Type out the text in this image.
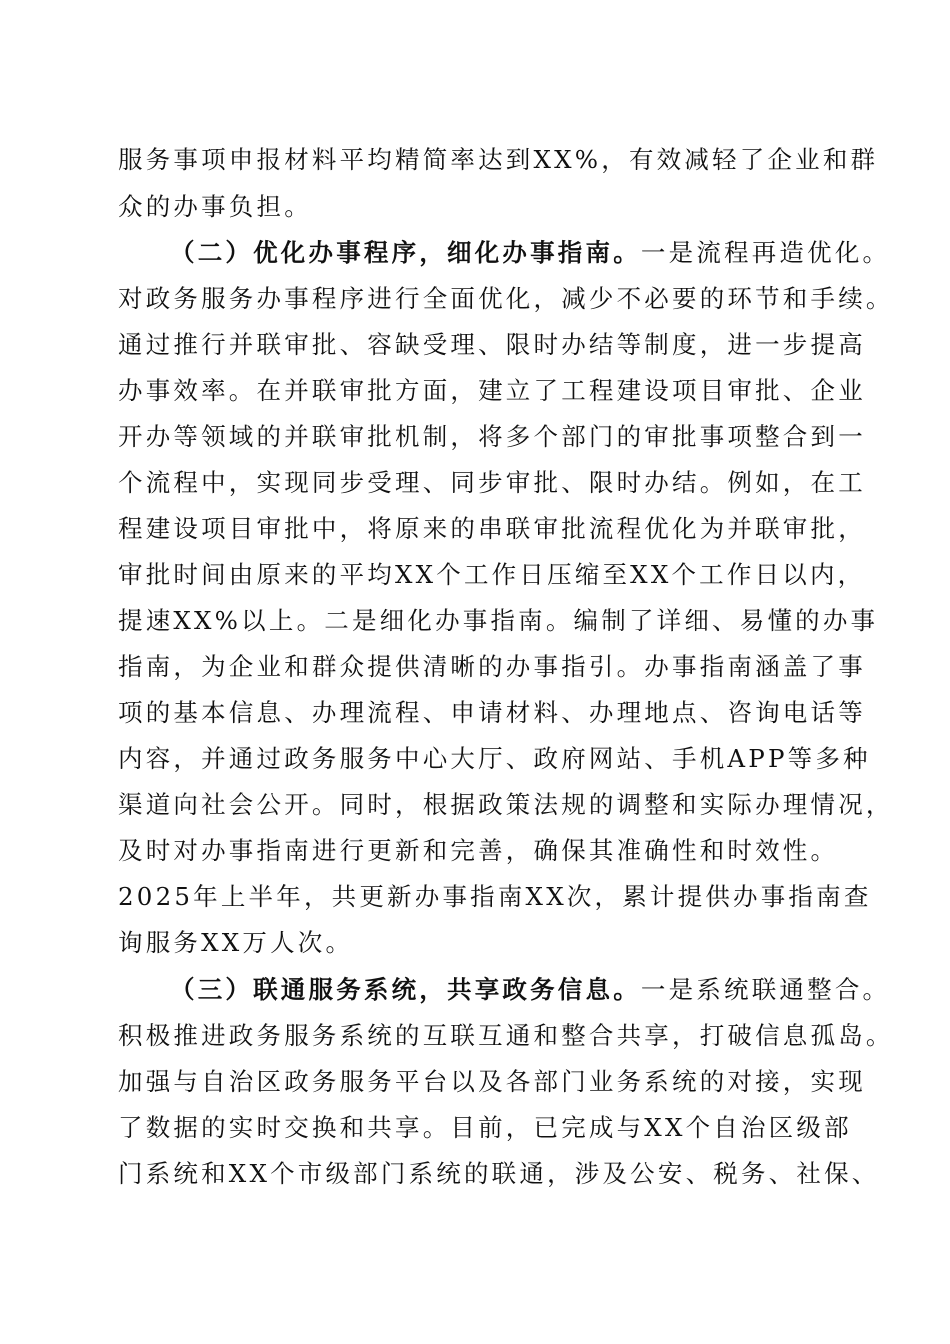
服务事项申报材料平均精简率达到XX%，有效减轻了企业和群
众的办事负担。
（二）优化办事程序，细化办事指南。一是流程再造优化。
对政务服务办事程序进行全面优化，减少不必要的环节和手续。
通过推行并联审批、容缺受理、限时办结等制度，进一步提高
办事效率。在并联审批方面，建立了工程建设项目审批、企业
开办等领域的并联审批机制，将多个部门的审批事项整合到一
个流程中，实现同步受理、同步审批、限时办结。例如，在工
程建设项目审批中，将原来的串联审批流程优化为并联审批，
审批时间由原来的平均XX个工作日压缩至XX个工作日以内，
提速XX%以上。二是细化办事指南。编制了详细、易懂的办事
指南，为企业和群众提供清晰的办事指引。办事指南涵盖了事
项的基本信息、办理流程、申请材料、办理地点、咨询电话等
内容，并通过政务服务中心大厅、政府网站、手机APP等多种
渠道向社会公开。同时，根据政策法规的调整和实际办理情况，
及时对办事指南进行更新和完善，确保其准确性和时效性。
2025年上半年，共更新办事指南XX次，累计提供办事指南查
询服务XX万人次。
（三）联通服务系统，共享政务信息。一是系统联通整合。
积极推进政务服务系统的互联互通和整合共享，打破信息孤岛。
加强与自治区政务服务平台以及各部门业务系统的对接，实现
了数据的实时交换和共享。目前，已完成与XX个自治区级部
门系统和XX个市级部门系统的联通，涉及公安、税务、社保、
